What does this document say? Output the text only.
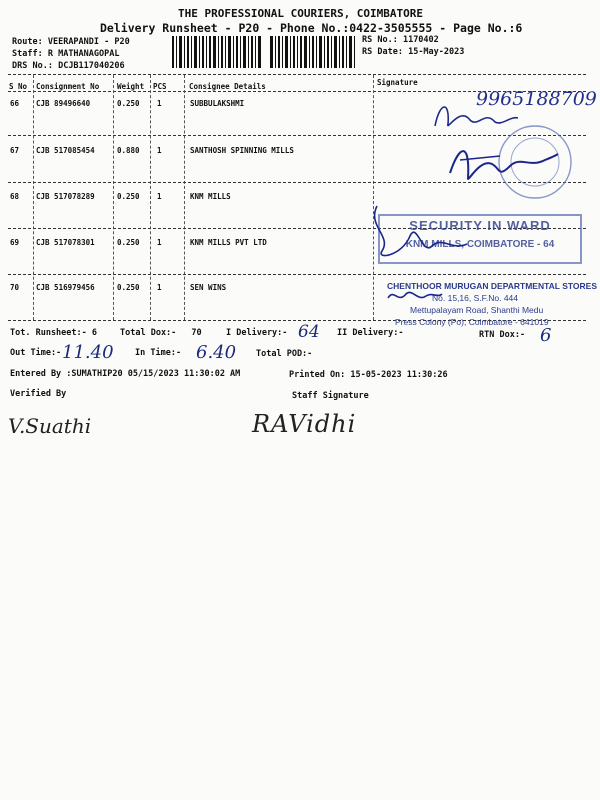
THE PROFESSIONAL COURIERS, COIMBATORE
Delivery Runsheet - P20 - Phone No.:0422-3505555 - Page No.:6
Route: VEERAPANDI - P20
Staff: R MATHANAGOPAL
DRS No.: DCJB117040206
RS No.: 1170402
RS Date: 15-May-2023
S No Consignment No Weight PCS	Consignee Details	Signature
66 CJB 89496640	0.250 1	SUBBULAKSHMI
67 CJB 517085454	0.880 1	SANTHOSH SPINNING MILLS
68 CJB 517078289	0.250 1	KNM MILLS
69 CJB 517078301	0.250 1	KNM MILLS PVT LTD
70 CJB 516979456	0.250 1	SEN WINS
9965188709
SECURITY IN WARD
KNM MILLS, COIMBATORE - 64
CHENTHOOR MURUGAN DEPARTMENTAL STORES
No. 15,16, S.F.No. 444
Mettupalayam Road, Shanthi Medu
Press Colony (Po), Coimbatore - 641019
Tot. Runsheet:- 6	Total Dox:- 70	I Delivery:- 64 II Delivery:-	RTN Dox:- 6
Out Time:- 11.40	In Time:- 6.40 Total POD:-
Entered By :SUMATHIP20 05/15/2023 11:30:02 AM	Printed On: 15-05-2023 11:30:26
Verified By	Staff Signature
V.Suathi	RAVidhi
